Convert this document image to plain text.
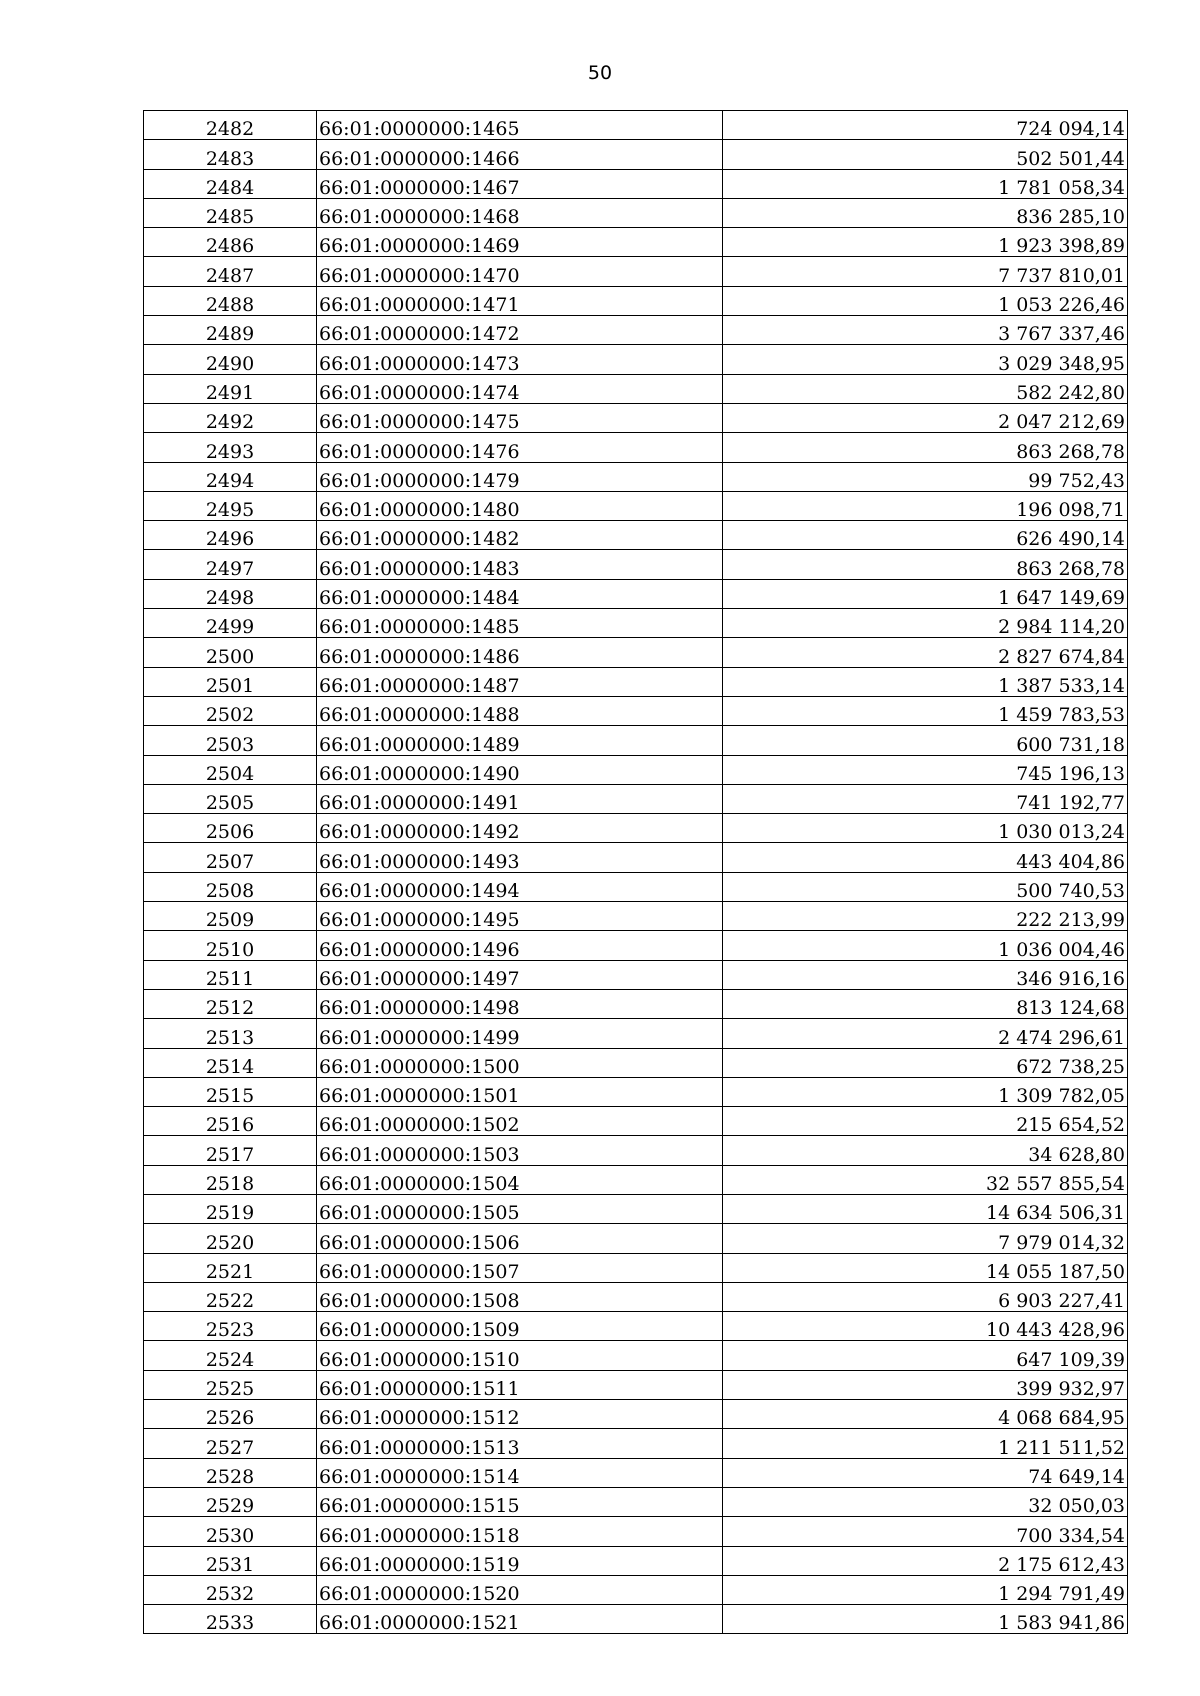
50
2482	66:01:0000000:1465	724 094,14
2483	66:01:0000000:1466	502 501,44
2484	66:01:0000000:1467	1 781 058,34
2485	66:01:0000000:1468	836 285,10
2486	66:01:0000000:1469	1 923 398,89
2487	66:01:0000000:1470	7 737 810,01
2488	66:01:0000000:1471	1 053 226,46
2489	66:01:0000000:1472	3 767 337,46
2490	66:01:0000000:1473	3 029 348,95
2491	66:01:0000000:1474	582 242,80
2492	66:01:0000000:1475	2 047 212,69
2493	66:01:0000000:1476	863 268,78
2494	66:01:0000000:1479	99 752,43
2495	66:01:0000000:1480	196 098,71
2496	66:01:0000000:1482	626 490,14
2497	66:01:0000000:1483	863 268,78
2498	66:01:0000000:1484	1 647 149,69
2499	66:01:0000000:1485	2 984 114,20
2500	66:01:0000000:1486	2 827 674,84
2501	66:01:0000000:1487	1 387 533,14
2502	66:01:0000000:1488	1 459 783,53
2503	66:01:0000000:1489	600 731,18
2504	66:01:0000000:1490	745 196,13
2505	66:01:0000000:1491	741 192,77
2506	66:01:0000000:1492	1 030 013,24
2507	66:01:0000000:1493	443 404,86
2508	66:01:0000000:1494	500 740,53
2509	66:01:0000000:1495	222 213,99
2510	66:01:0000000:1496	1 036 004,46
2511	66:01:0000000:1497	346 916,16
2512	66:01:0000000:1498	813 124,68
2513	66:01:0000000:1499	2 474 296,61
2514	66:01:0000000:1500	672 738,25
2515	66:01:0000000:1501	1 309 782,05
2516	66:01:0000000:1502	215 654,52
2517	66:01:0000000:1503	34 628,80
2518	66:01:0000000:1504	32 557 855,54
2519	66:01:0000000:1505	14 634 506,31
2520	66:01:0000000:1506	7 979 014,32
2521	66:01:0000000:1507	14 055 187,50
2522	66:01:0000000:1508	6 903 227,41
2523	66:01:0000000:1509	10 443 428,96
2524	66:01:0000000:1510	647 109,39
2525	66:01:0000000:1511	399 932,97
2526	66:01:0000000:1512	4 068 684,95
2527	66:01:0000000:1513	1 211 511,52
2528	66:01:0000000:1514	74 649,14
2529	66:01:0000000:1515	32 050,03
2530	66:01:0000000:1518	700 334,54
2531	66:01:0000000:1519	2 175 612,43
2532	66:01:0000000:1520	1 294 791,49
2533	66:01:0000000:1521	1 583 941,86
